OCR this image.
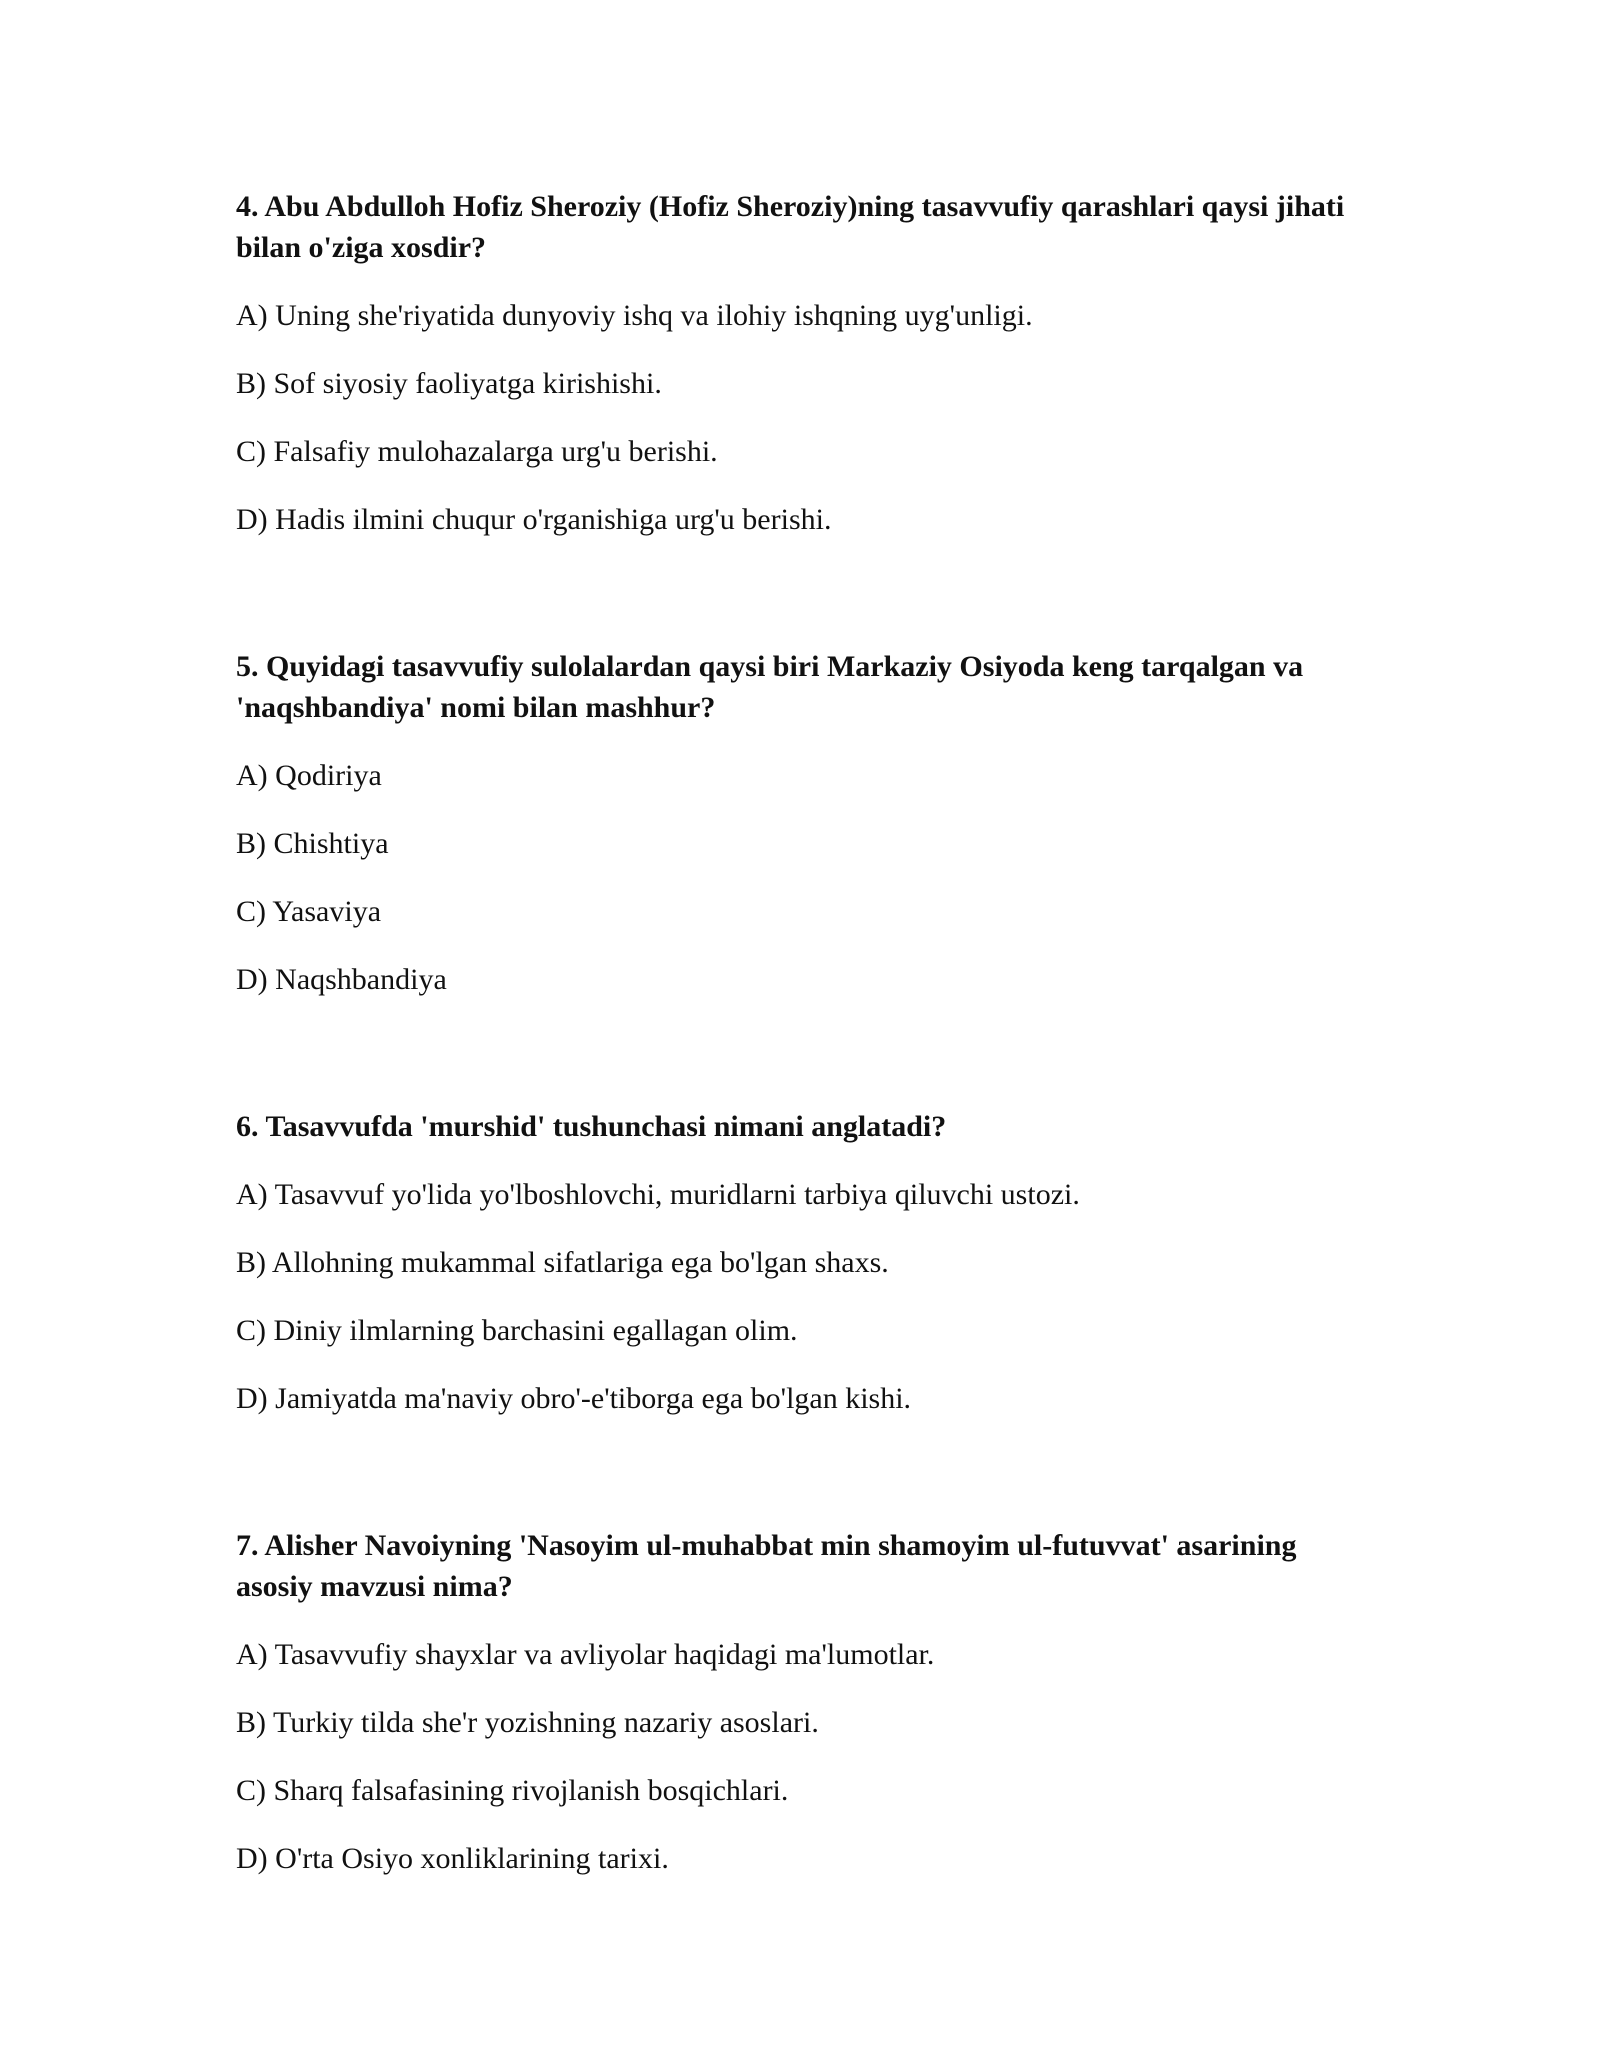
4. Abu Abdulloh Hofiz Sheroziy (Hofiz Sheroziy)ning tasavvufiy qarashlari qaysi jihati bilan o'ziga xosdir?

A) Uning she'riyatida dunyoviy ishq va ilohiy ishqning uyg'unligi.

B) Sof siyosiy faoliyatga kirishishi.

C) Falsafiy mulohazalarga urg'u berishi.

D) Hadis ilmini chuqur o'rganishiga urg'u berishi.

5. Quyidagi tasavvufiy sulolalardan qaysi biri Markaziy Osiyoda keng tarqalgan va 'naqshbandiya' nomi bilan mashhur?

A) Qodiriya

B) Chishtiya

C) Yasaviya

D) Naqshbandiya

6. Tasavvufda 'murshid' tushunchasi nimani anglatadi?

A) Tasavvuf yo'lida yo'lboshlovchi, muridlarni tarbiya qiluvchi ustozi.

B) Allohning mukammal sifatlariga ega bo'lgan shaxs.

C) Diniy ilmlarning barchasini egallagan olim.

D) Jamiyatda ma'naviy obro'-e'tiborga ega bo'lgan kishi.

7. Alisher Navoiyning 'Nasoyim ul-muhabbat min shamoyim ul-futuvvat' asarining asosiy mavzusi nima?

A) Tasavvufiy shayxlar va avliyolar haqidagi ma'lumotlar.

B) Turkiy tilda she'r yozishning nazariy asoslari.

C) Sharq falsafasining rivojlanish bosqichlari.

D) O'rta Osiyo xonliklarining tarixi.
